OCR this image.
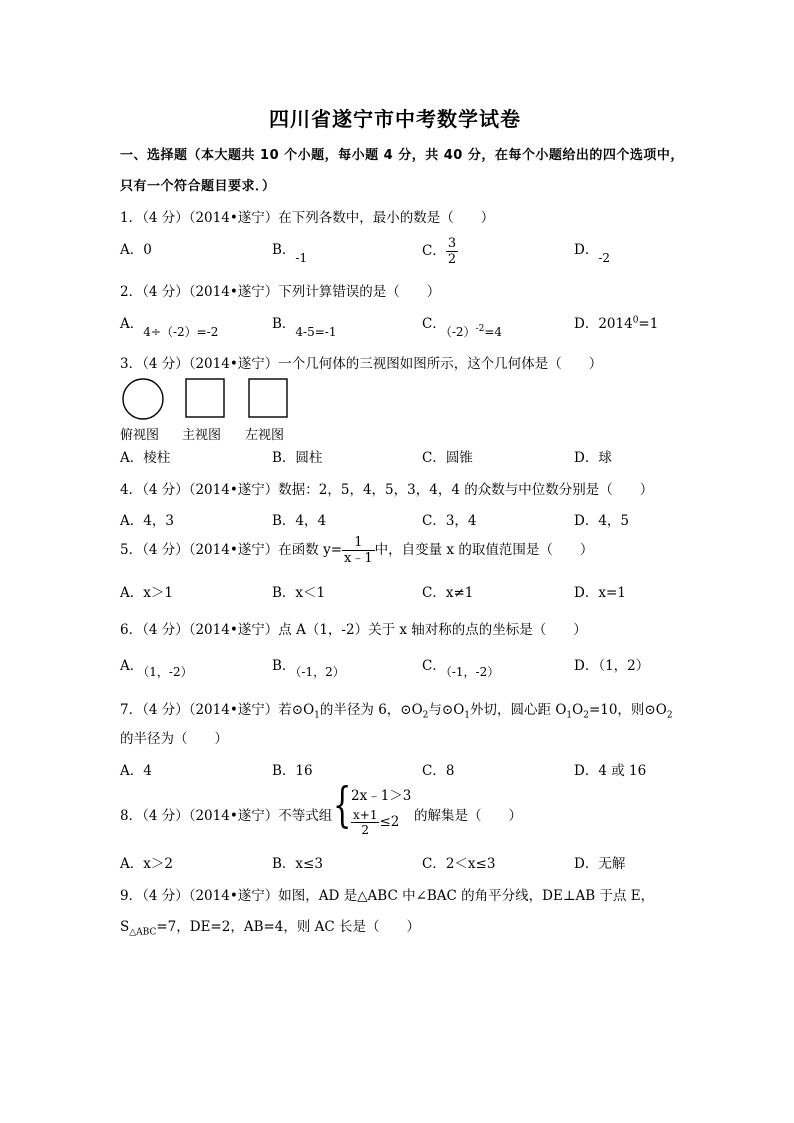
四川省遂宁市中考数学试卷
一、选择题（本大题共 10 个小题，每小题 4 分，共 40 分，在每个小题给出的四个选项中，
只有一个符合题目要求．）
1．（4 分）（2014•遂宁）在下列各数中，最小的数是（　　）
A．0	B．-1	C． $\frac{3}{2}$	D．-2
2．（4 分）（2014•遂宁）下列计算错误的是（　　）
A．4÷（-2）=-2	B．4-5=-1	C．$(-2)^{-2}=4$	D．$2014^0=1$
3．（4 分）（2014•遂宁）一个几何体的三视图如图所示，这个几何体是（　　）
俯视图 主视图 左视图
A．棱柱	B．圆柱	C．圆锥	D．球
4．（4 分）（2014•遂宁）数据：2，5，4，5，3，4，4 的众数与中位数分别是（　　）
A．4，3	B．4，4	C．3，4	D．4，5
5．（4 分）（2014•遂宁）在函数 $y= \frac{1}{x﹣1}$ 中，自变量 x 的取值范围是（　　）
A．x＞1	B．x＜1	C．x≠1	D．x=1
6．（4 分）（2014•遂宁）点 A（1，-2）关于 x 轴对称的点的坐标是（　　）
A．（1，-2）	B．（-1，2）	C．（-1，-2）	D．（1，2）
7．（4 分）（2014•遂宁）若$⊙O_1$的半径为 6，$⊙O_2$与$⊙O_1$外切，圆心距 $O_1O_2=10$，则$⊙O_2$
的半径为（　　）
A．4	B．16	C．8	D．4 或 16
8．（4 分）（2014•遂宁）不等式组 { 2x﹣1＞3
$\frac{x+1}{2} \le 2$ 的解集是（　　）
A．x＞2	B．x≤3	C．2＜x≤3	D．无解
9．（4 分）（2014•遂宁）如图，AD 是△ABC 中∠BAC 的角平分线，DE⊥AB 于点 E，
$S_{\triangle ABC}=7$，DE=2，AB=4，则 AC 长是（　　）
